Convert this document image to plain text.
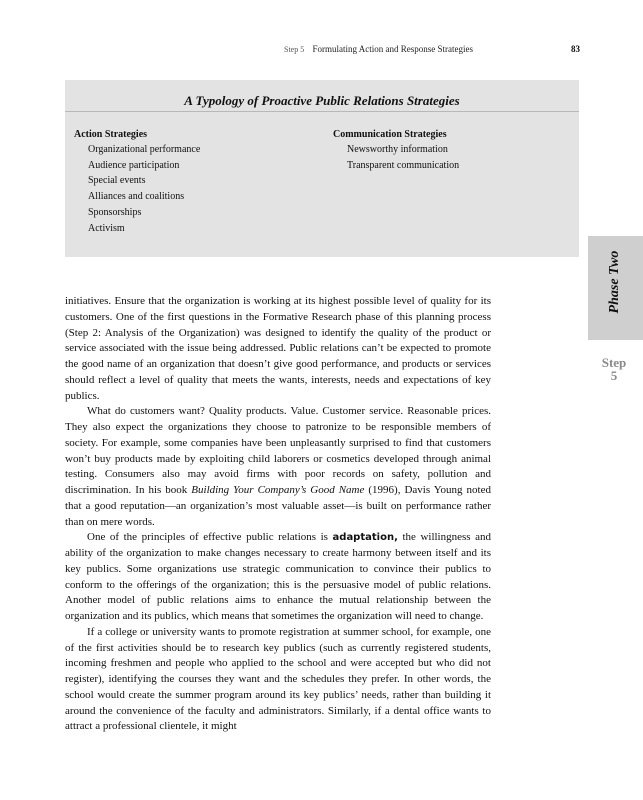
Step 5 Formulating Action and Response Strategies	83
A Typology of Proactive Public Relations Strategies
Action Strategies
Organizational performance
Audience participation
Special events
Alliances and coalitions
Sponsorships
Activism
Communication Strategies
Newsworthy information
Transparent communication
Phase Two
Step
5

initiatives. Ensure that the organization is working at its highest possible level of quality for its customers. One of the first questions in the Formative Research phase of this planning process (Step 2: Analysis of the Organization) was designed to identify the quality of the product or service associated with the issue being addressed. Public relations can’t be expected to promote the good name of an organization that doesn’t give good performance, and products or services should reflect a level of quality that meets the wants, interests, needs and expectations of key publics.

What do customers want? Quality products. Value. Customer service. Reasonable prices. They also expect the organizations they choose to patronize to be responsible members of society. For example, some companies have been unpleasantly surprised to find that customers won’t buy products made by exploiting child laborers or cosmetics developed through animal testing. Consumers also may avoid firms with poor records on safety, pollution and discrimination. In his book Building Your Company’s Good Name (1996), Davis Young noted that a good reputation—an organization’s most valuable asset—is built on performance rather than on mere words.

One of the principles of effective public relations is adaptation, the willingness and ability of the organization to make changes necessary to create harmony between itself and its key publics. Some organizations use strategic communication to convince their publics to conform to the offerings of the organization; this is the persuasive model of public relations. Another model of public relations aims to enhance the mutual relationship between the organization and its publics, which means that sometimes the organization will need to change.

If a college or university wants to promote registration at summer school, for example, one of the first activities should be to research key publics (such as currently registered students, incoming freshmen and people who applied to the school and were accepted but who did not register), identifying the courses they want and the schedules they prefer. In other words, the school would create the summer program around its key publics’ needs, rather than building it around the convenience of the faculty and administrators. Similarly, if a dental office wants to attract a professional clientele, it might
